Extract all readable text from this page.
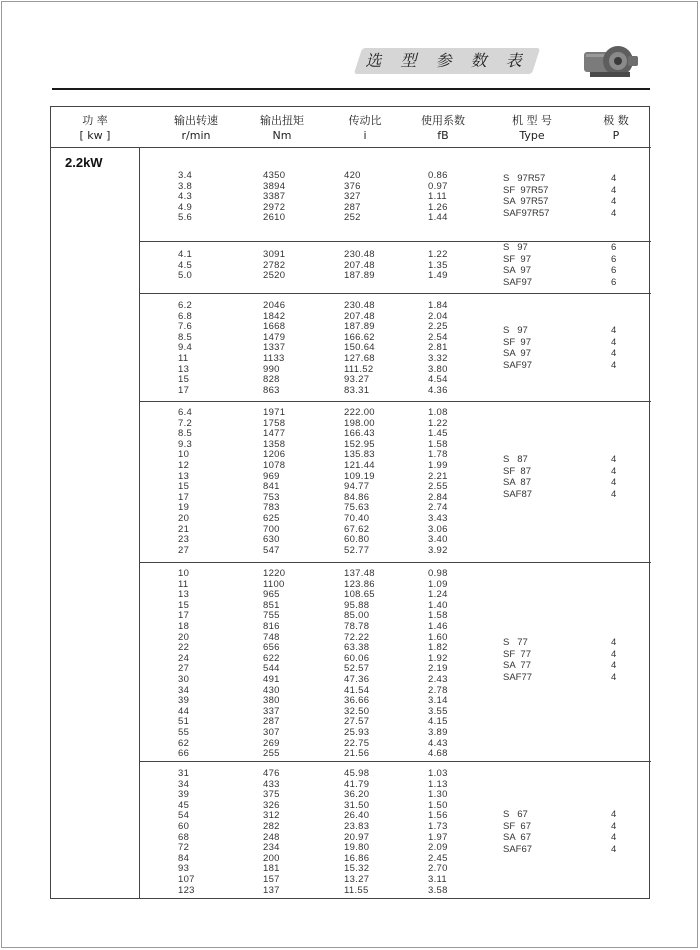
选 型 参 数 表
功 率
[ kw ]
输出转速
r/min
输出扭矩
Nm
传动比
i
使用系数
fB
机 型 号
Type
极 数
P
2.2kW
3.4
3.8
4.3
4.9
5.6
4350
3894
3387
2972
2610
420
376
327
287
252
0.86
0.97
1.11
1.26
1.44
S   97R57
SF  97R57
SA  97R57
SAF97R57
4
4
4
4
4.1
4.5
5.0
3091
2782
2520
230.48
207.48
187.89
1.22
1.35
1.49
S   97
SF  97
SA  97
SAF97
6
6
6
6
6.2
6.8
7.6
8.5
9.4
11
13
15
17
2046
1842
1668
1479
1337
1133
990
828
863
230.48
207.48
187.89
166.62
150.64
127.68
111.52
93.27
83.31
1.84
2.04
2.25
2.54
2.81
3.32
3.80
4.54
4.36
S   97
SF  97
SA  97
SAF97
4
4
4
4
6.4
7.2
8.5
9.3
10
12
13
15
17
19
20
21
23
27
1971
1758
1477
1358
1206
1078
969
841
753
783
625
700
630
547
222.00
198.00
166.43
152.95
135.83
121.44
109.19
94.77
84.86
75.63
70.40
67.62
60.80
52.77
1.08
1.22
1.45
1.58
1.78
1.99
2.21
2.55
2.84
2.74
3.43
3.06
3.40
3.92
S   87
SF  87
SA  87
SAF87
4
4
4
4
10
11
13
15
17
18
20
22
24
27
30
34
39
44
51
55
62
66
1220
1100
965
851
755
816
748
656
622
544
491
430
380
337
287
307
269
255
137.48
123.86
108.65
95.88
85.00
78.78
72.22
63.38
60.06
52.57
47.36
41.54
36.66
32.50
27.57
25.93
22.75
21.56
0.98
1.09
1.24
1.40
1.58
1.46
1.60
1.82
1.92
2.19
2.43
2.78
3.14
3.55
4.15
3.89
4.43
4.68
S   77
SF  77
SA  77
SAF77
4
4
4
4
31
34
39
45
54
60
68
72
84
93
107
123
476
433
375
326
312
282
248
234
200
181
157
137
45.98
41.79
36.20
31.50
26.40
23.83
20.97
19.80
16.86
15.32
13.27
11.55
1.03
1.13
1.30
1.50
1.56
1.73
1.97
2.09
2.45
2.70
3.11
3.58
S   67
SF  67
SA  67
SAF67
4
4
4
4
